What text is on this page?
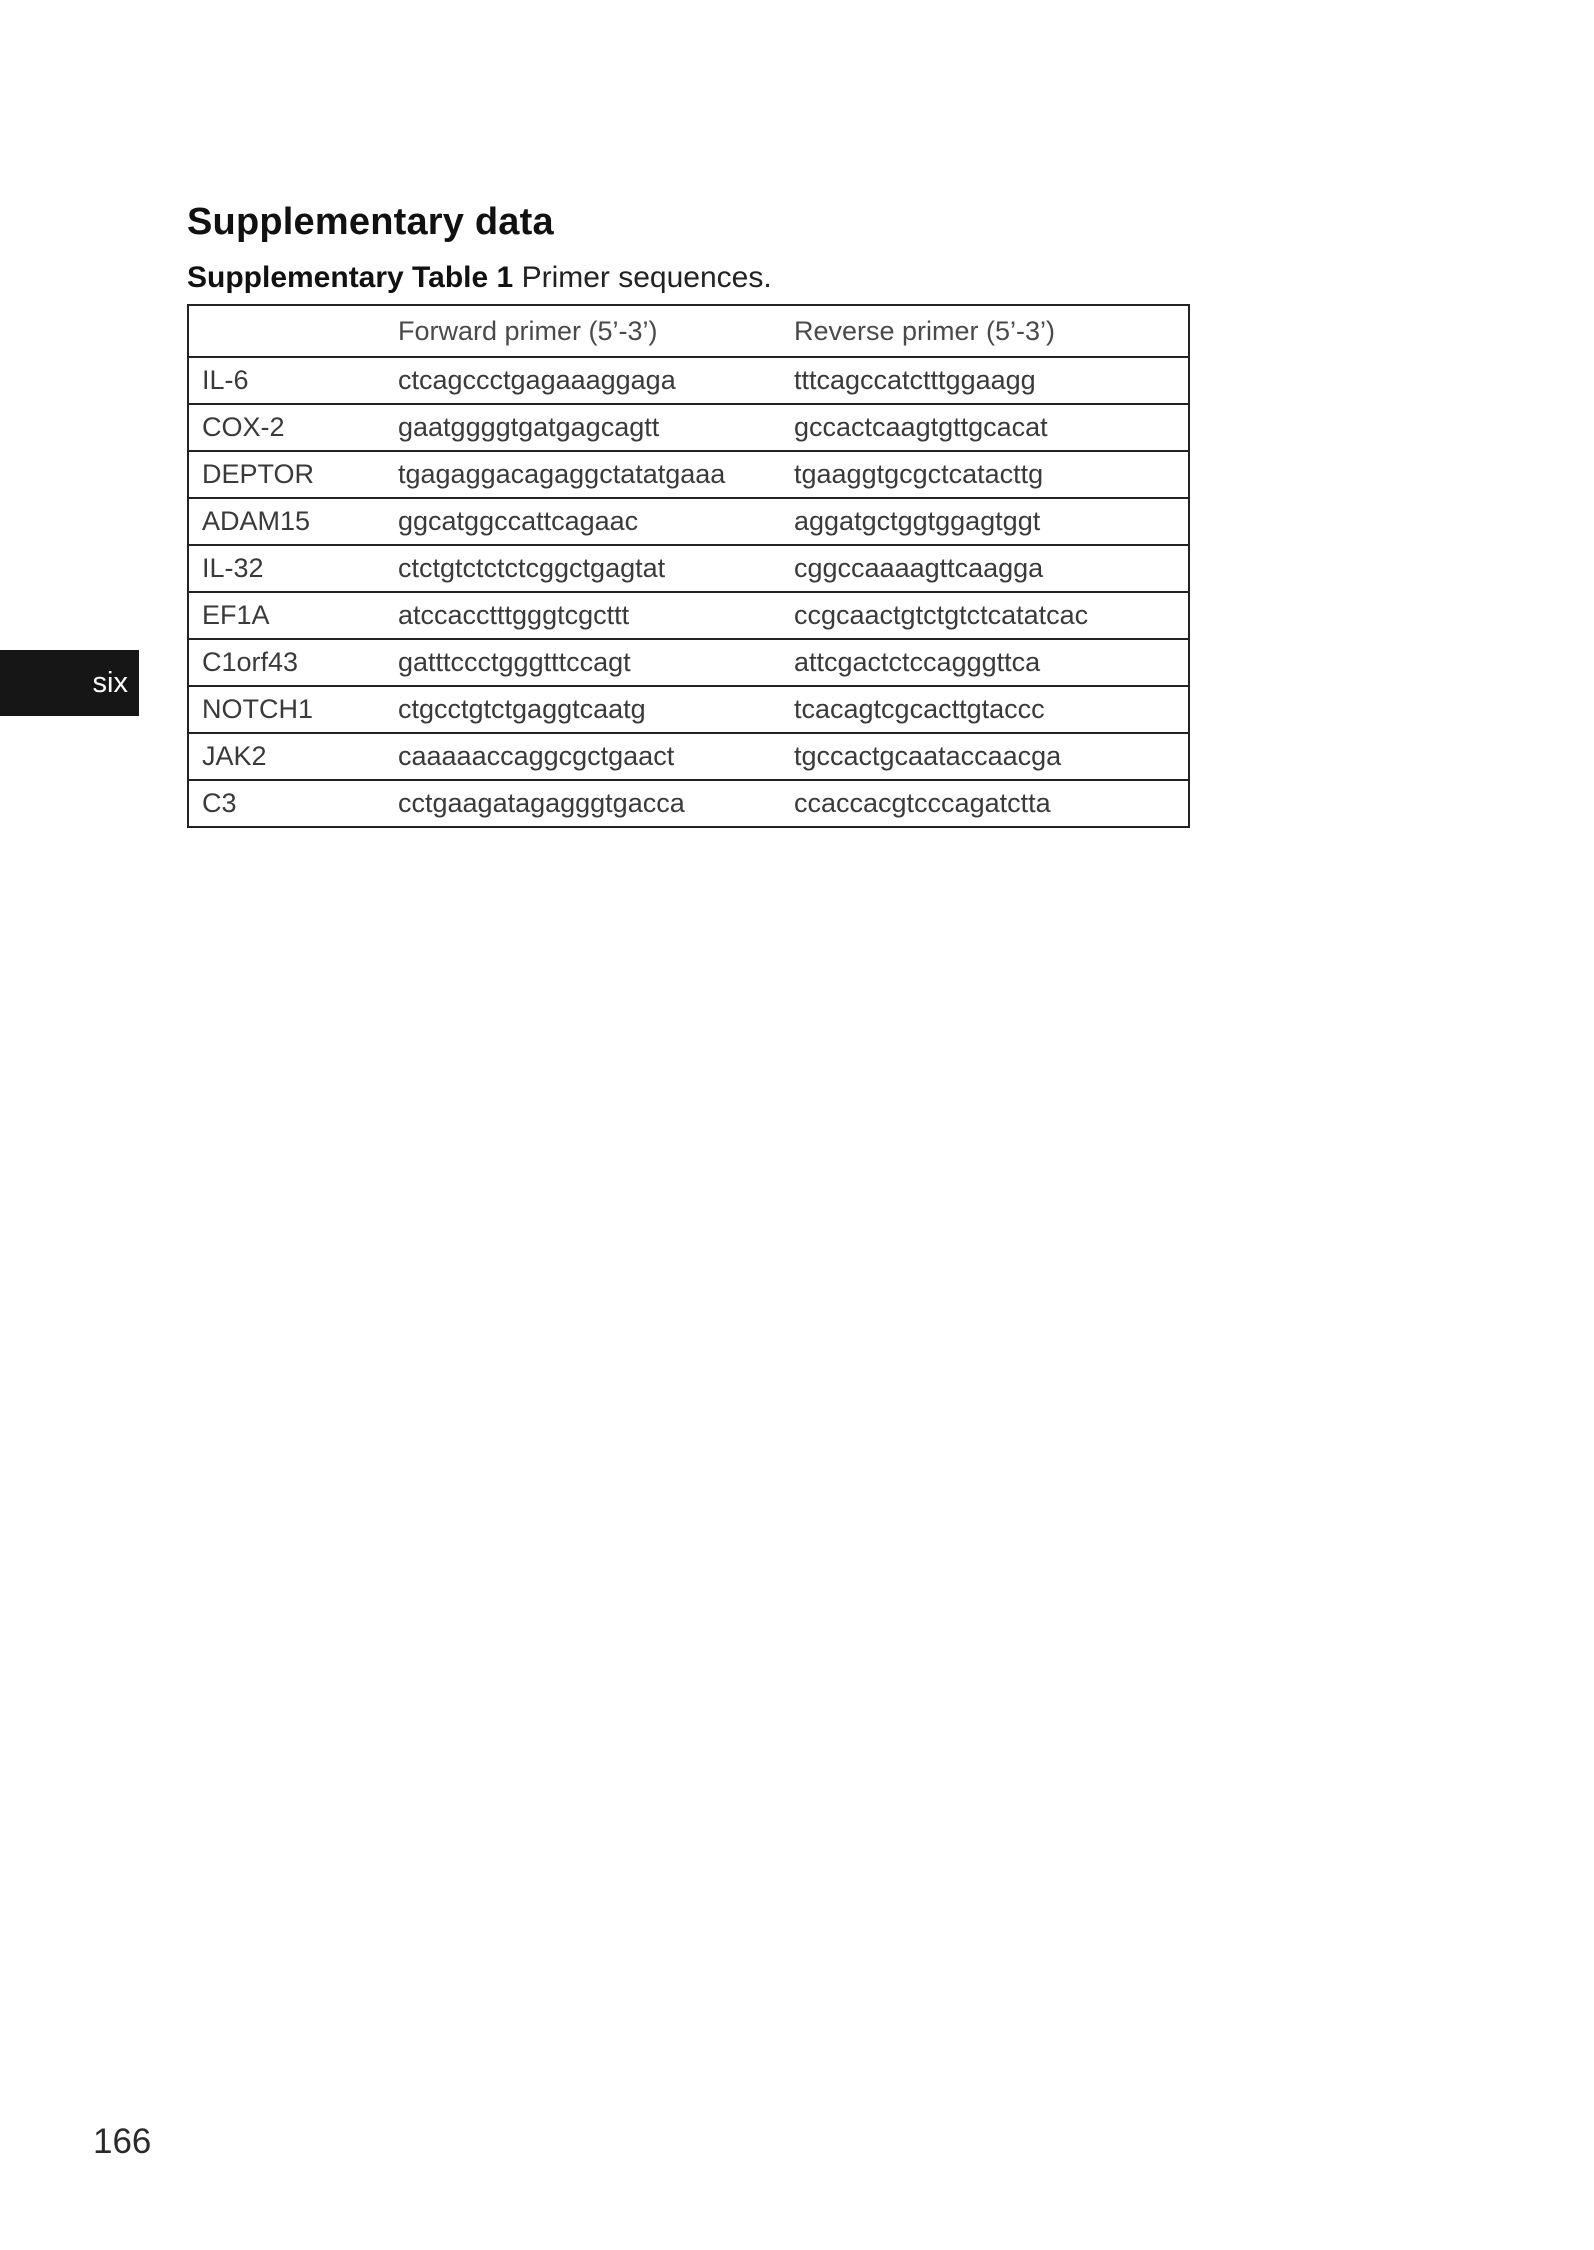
Supplementary data
Supplementary Table 1 Primer sequences.
	Forward primer (5’-3’)	Reverse primer (5’-3’)
IL-6	ctcagccctgagaaaggaga	tttcagccatctttggaagg
COX-2	gaatggggtgatgagcagtt	gccactcaagtgttgcacat
DEPTOR	tgagaggacagaggctatatgaaa	tgaaggtgcgctcatacttg
ADAM15	ggcatggccattcagaac	aggatgctggtggagtggt
IL-32	ctctgtctctctcggctgagtat	cggccaaaagttcaagga
EF1A	atccacctttgggtcgcttt	ccgcaactgtctgtctcatatcac
C1orf43	gatttccctgggtttccagt	attcgactctccagggttca
NOTCH1	ctgcctgtctgaggtcaatg	tcacagtcgcacttgtaccc
JAK2	caaaaaccaggcgctgaact	tgccactgcaataccaacga
C3	cctgaagatagagggtgacca	ccaccacgtcccagatctta
six
166
